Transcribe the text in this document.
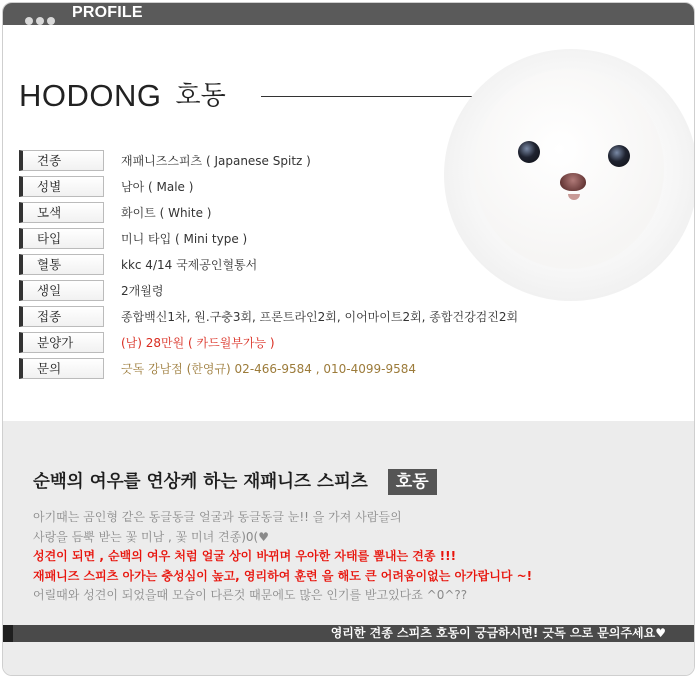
PROFILE
HODONG 호동
견종	재패니즈스피츠 ( Japanese Spitz )
성별	남아 ( Male )
모색	화이트 ( White )
타입	미니 타입 ( Mini type )
혈통	kkc 4/14 국제공인혈통서
생일	2개월령
접종	종합백신1차, 원.구충3회, 프론트라인2회, 이어마이트2회, 종합건강검진2회
분양가	(남) 28만원 ( 카드월부가능 )
문의	긋독 강남점 (한영규) 02-466-9584 , 010-4099-9584
순백의 여우를 연상케 하는 재패니즈 스피츠 호동
아기때는 곰인형 같은 동글동글 얼굴과 동글동글 눈!! 을 가져 사람들의
사랑을 듬뿍 받는 꽃 미남 , 꽃 미녀 견종)0(♥
성견이 되면 , 순백의 여우 처럼 얼굴 상이 바뀌며 우아한 자태를 뽐내는 견종 !!!
재패니즈 스피츠 아가는 충성심이 높고, 영리하여 훈련 을 해도 큰 어려움이없는 아가랍니다 ~!
어릴때와 성견이 되었을때 모습이 다른것 때문에도 많은 인기를 받고있다죠 ^0^??
영리한 견종 스피츠 호동이 궁금하시면! 긋독 으로 문의주세요♥
